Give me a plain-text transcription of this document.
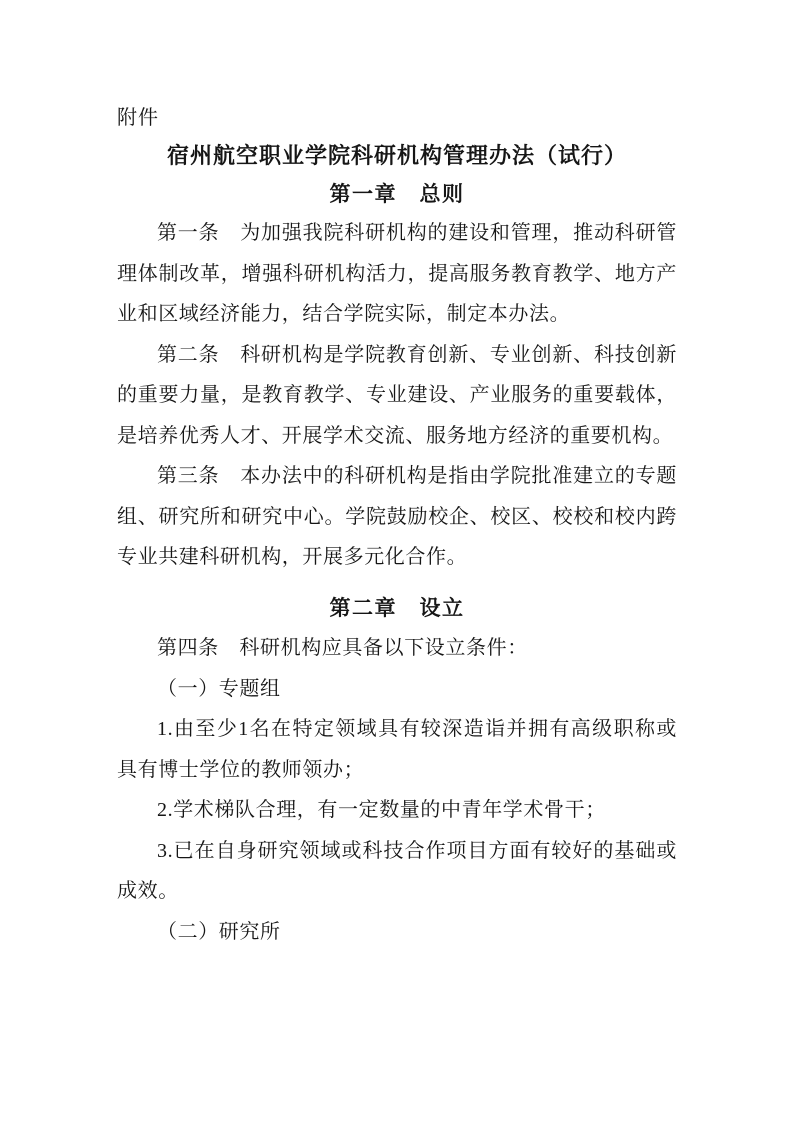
附件

宿州航空职业学院科研机构管理办法（试行）
第一章　总则

第一条　为加强我院科研机构的建设和管理，推动科研管理体制改革，增强科研机构活力，提高服务教育教学、地方产业和区域经济能力，结合学院实际，制定本办法。

第二条　科研机构是学院教育创新、专业创新、科技创新的重要力量，是教育教学、专业建设、产业服务的重要载体，是培养优秀人才、开展学术交流、服务地方经济的重要机构。

第三条　本办法中的科研机构是指由学院批准建立的专题组、研究所和研究中心。学院鼓励校企、校区、校校和校内跨专业共建科研机构，开展多元化合作。

第二章　设立

第四条　科研机构应具备以下设立条件：

（一）专题组

1.由至少1名在特定领域具有较深造诣并拥有高级职称或具有博士学位的教师领办；

2.学术梯队合理，有一定数量的中青年学术骨干；

3.已在自身研究领域或科技合作项目方面有较好的基础或成效。

（二）研究所
